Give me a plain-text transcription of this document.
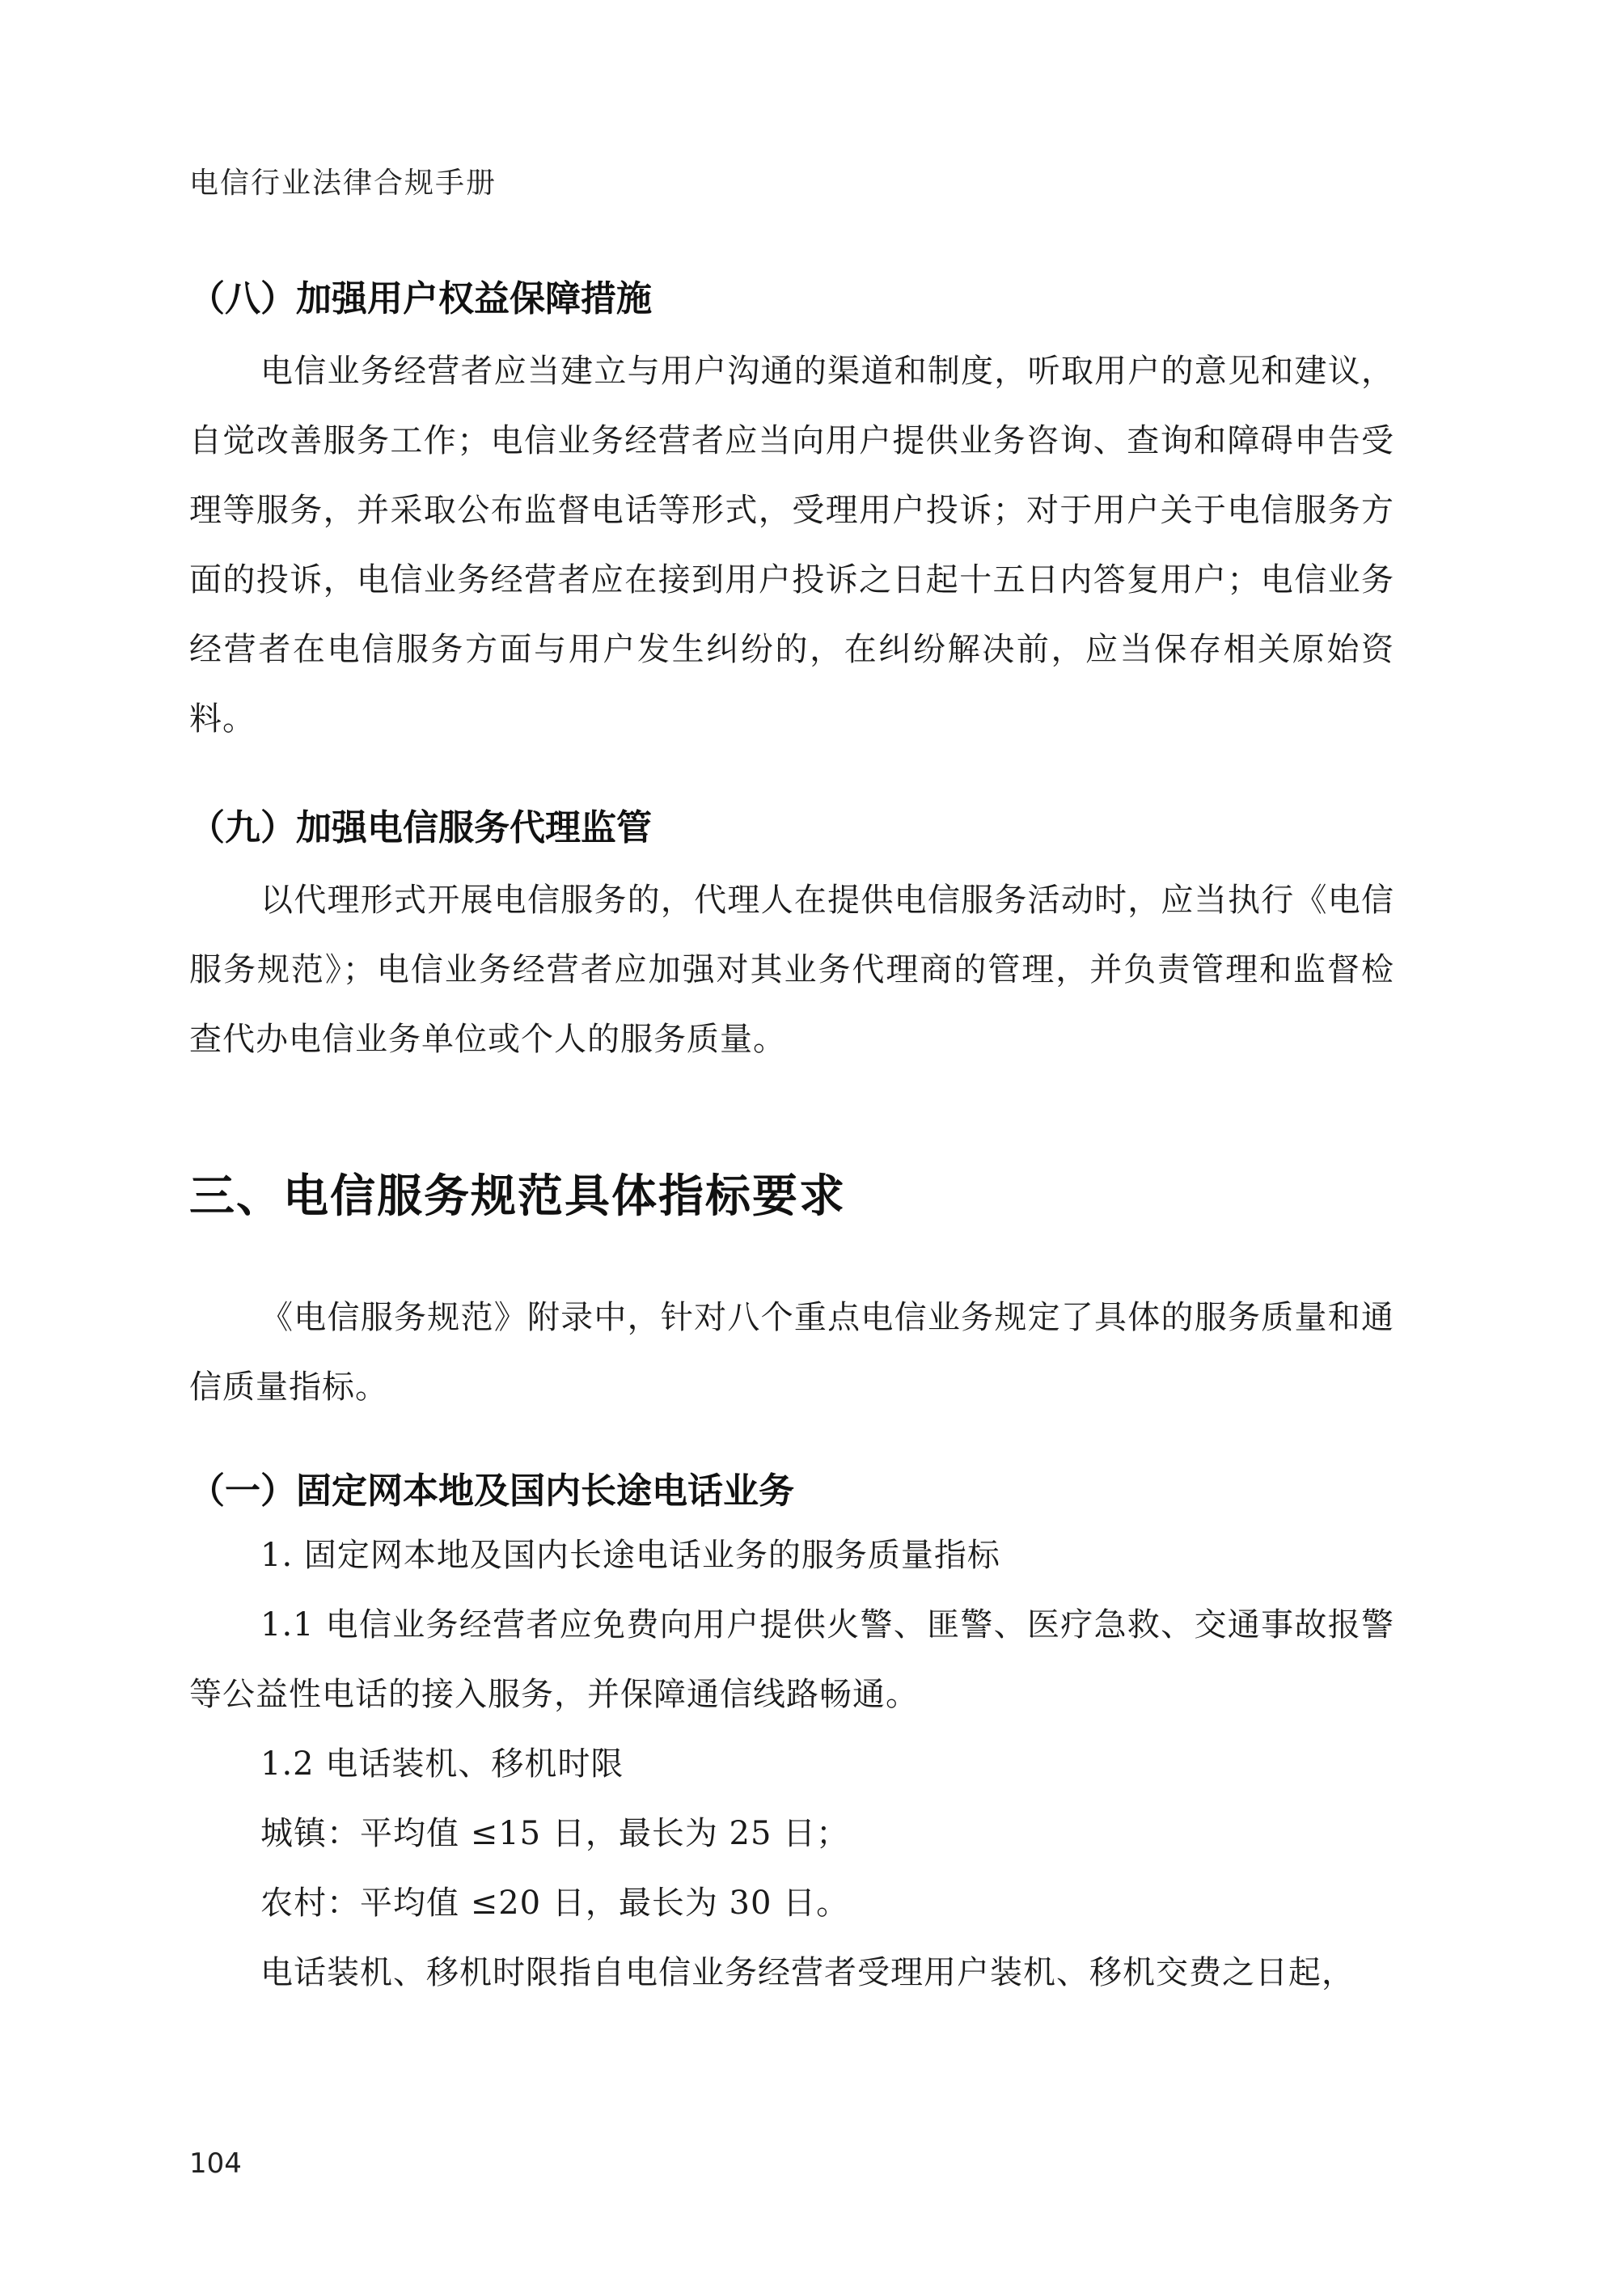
电信行业法律合规手册
（八）加强用户权益保障措施

电信业务经营者应当建立与用户沟通的渠道和制度，听取用户的意见和建议，自觉改善服务工作；电信业务经营者应当向用户提供业务咨询、查询和障碍申告受理等服务，并采取公布监督电话等形式，受理用户投诉；对于用户关于电信服务方面的投诉，电信业务经营者应在接到用户投诉之日起十五日内答复用户；电信业务经营者在电信服务方面与用户发生纠纷的，在纠纷解决前，应当保存相关原始资料。

（九）加强电信服务代理监管

以代理形式开展电信服务的，代理人在提供电信服务活动时，应当执行《电信服务规范》；电信业务经营者应加强对其业务代理商的管理，并负责管理和监督检查代办电信业务单位或个人的服务质量。

三、电信服务规范具体指标要求

《电信服务规范》附录中，针对八个重点电信业务规定了具体的服务质量和通信质量指标。

（一）固定网本地及国内长途电话业务

1. 固定网本地及国内长途电话业务的服务质量指标

1.1 电信业务经营者应免费向用户提供火警、匪警、医疗急救、交通事故报警等公益性电话的接入服务，并保障通信线路畅通。

1.2 电话装机、移机时限

城镇：平均值 ≤15 日，最长为 25 日；

农村：平均值 ≤20 日，最长为 30 日。

电话装机、移机时限指自电信业务经营者受理用户装机、移机交费之日起，

104
